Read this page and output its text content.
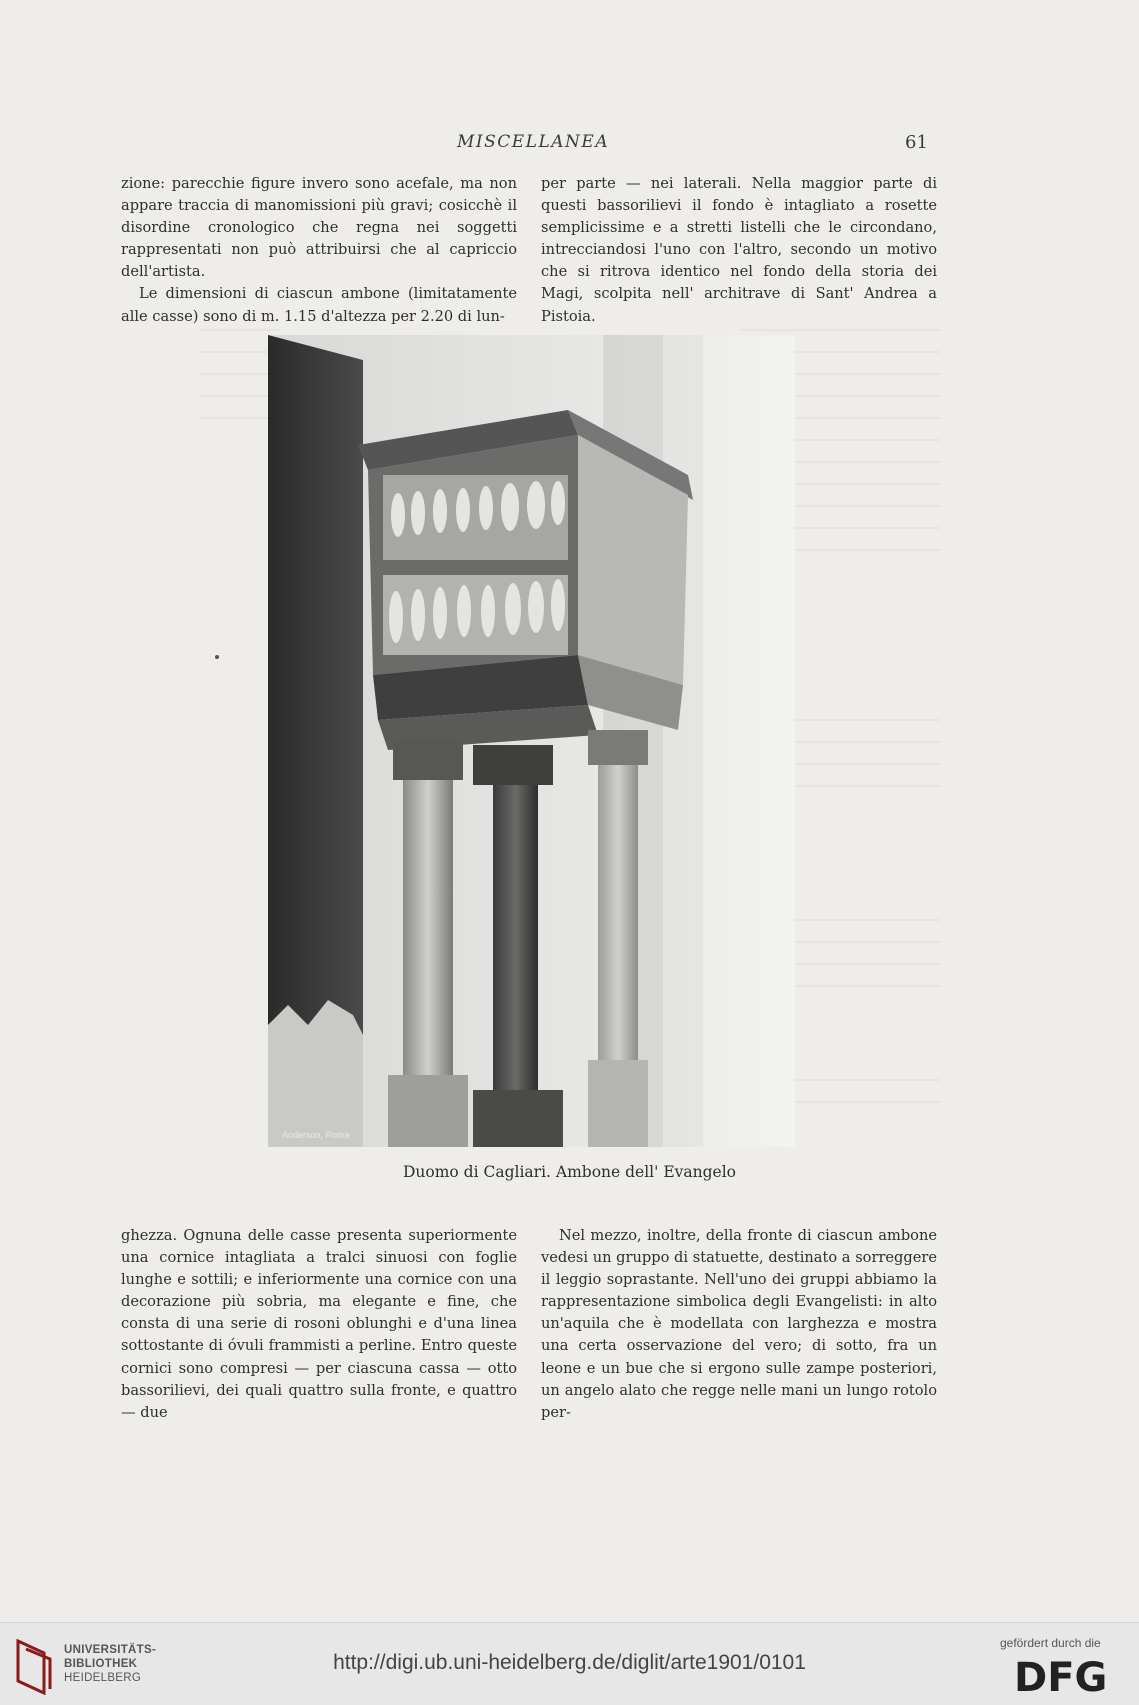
MISCELLANEA	61

zione: parecchie figure invero sono acefale, ma non appare traccia di manomissioni più gravi; cosicchè il disordine cronologico che regna nei soggetti rappresentati non può attribuirsi che al capriccio dell'artista.

Le dimensioni di ciascun ambone (limitatamente alle casse) sono di m. 1.15 d'altezza per 2.20 di lun-

per parte — nei laterali. Nella maggior parte di questi bassorilievi il fondo è intagliato a rosette semplicissime e a stretti listelli che le circondano, intrecciandosi l'uno con l'altro, secondo un motivo che si ritrova identico nel fondo della storia dei Magi, scolpita nell' architrave di Sant' Andrea a Pistoia.

Anderson, Roma
Duomo di Cagliari. Ambone dell' Evangelo

ghezza. Ognuna delle casse presenta superiormente una cornice intagliata a tralci sinuosi con foglie lunghe e sottili; e inferiormente una cornice con una decorazione più sobria, ma elegante e fine, che consta di una serie di rosoni oblunghi e d'una linea sottostante di óvuli frammisti a perline. Entro queste cornici sono compresi — per ciascuna cassa — otto bassorilievi, dei quali quattro sulla fronte, e quattro — due

Nel mezzo, inoltre, della fronte di ciascun ambone vedesi un gruppo di statuette, destinato a sorreggere il leggio soprastante. Nell'uno dei gruppi abbiamo la rappresentazione simbolica degli Evangelisti: in alto un'aquila che è modellata con larghezza e mostra una certa osservazione del vero; di sotto, fra un leone e un bue che si ergono sulle zampe posteriori, un angelo alato che regge nelle mani un lungo rotolo per-

UNIVERSITÄTS-
BIBLIOTHEK
HEIDELBERG
http://digi.ub.uni-heidelberg.de/diglit/arte1901/0101
gefördert durch die
DFG
